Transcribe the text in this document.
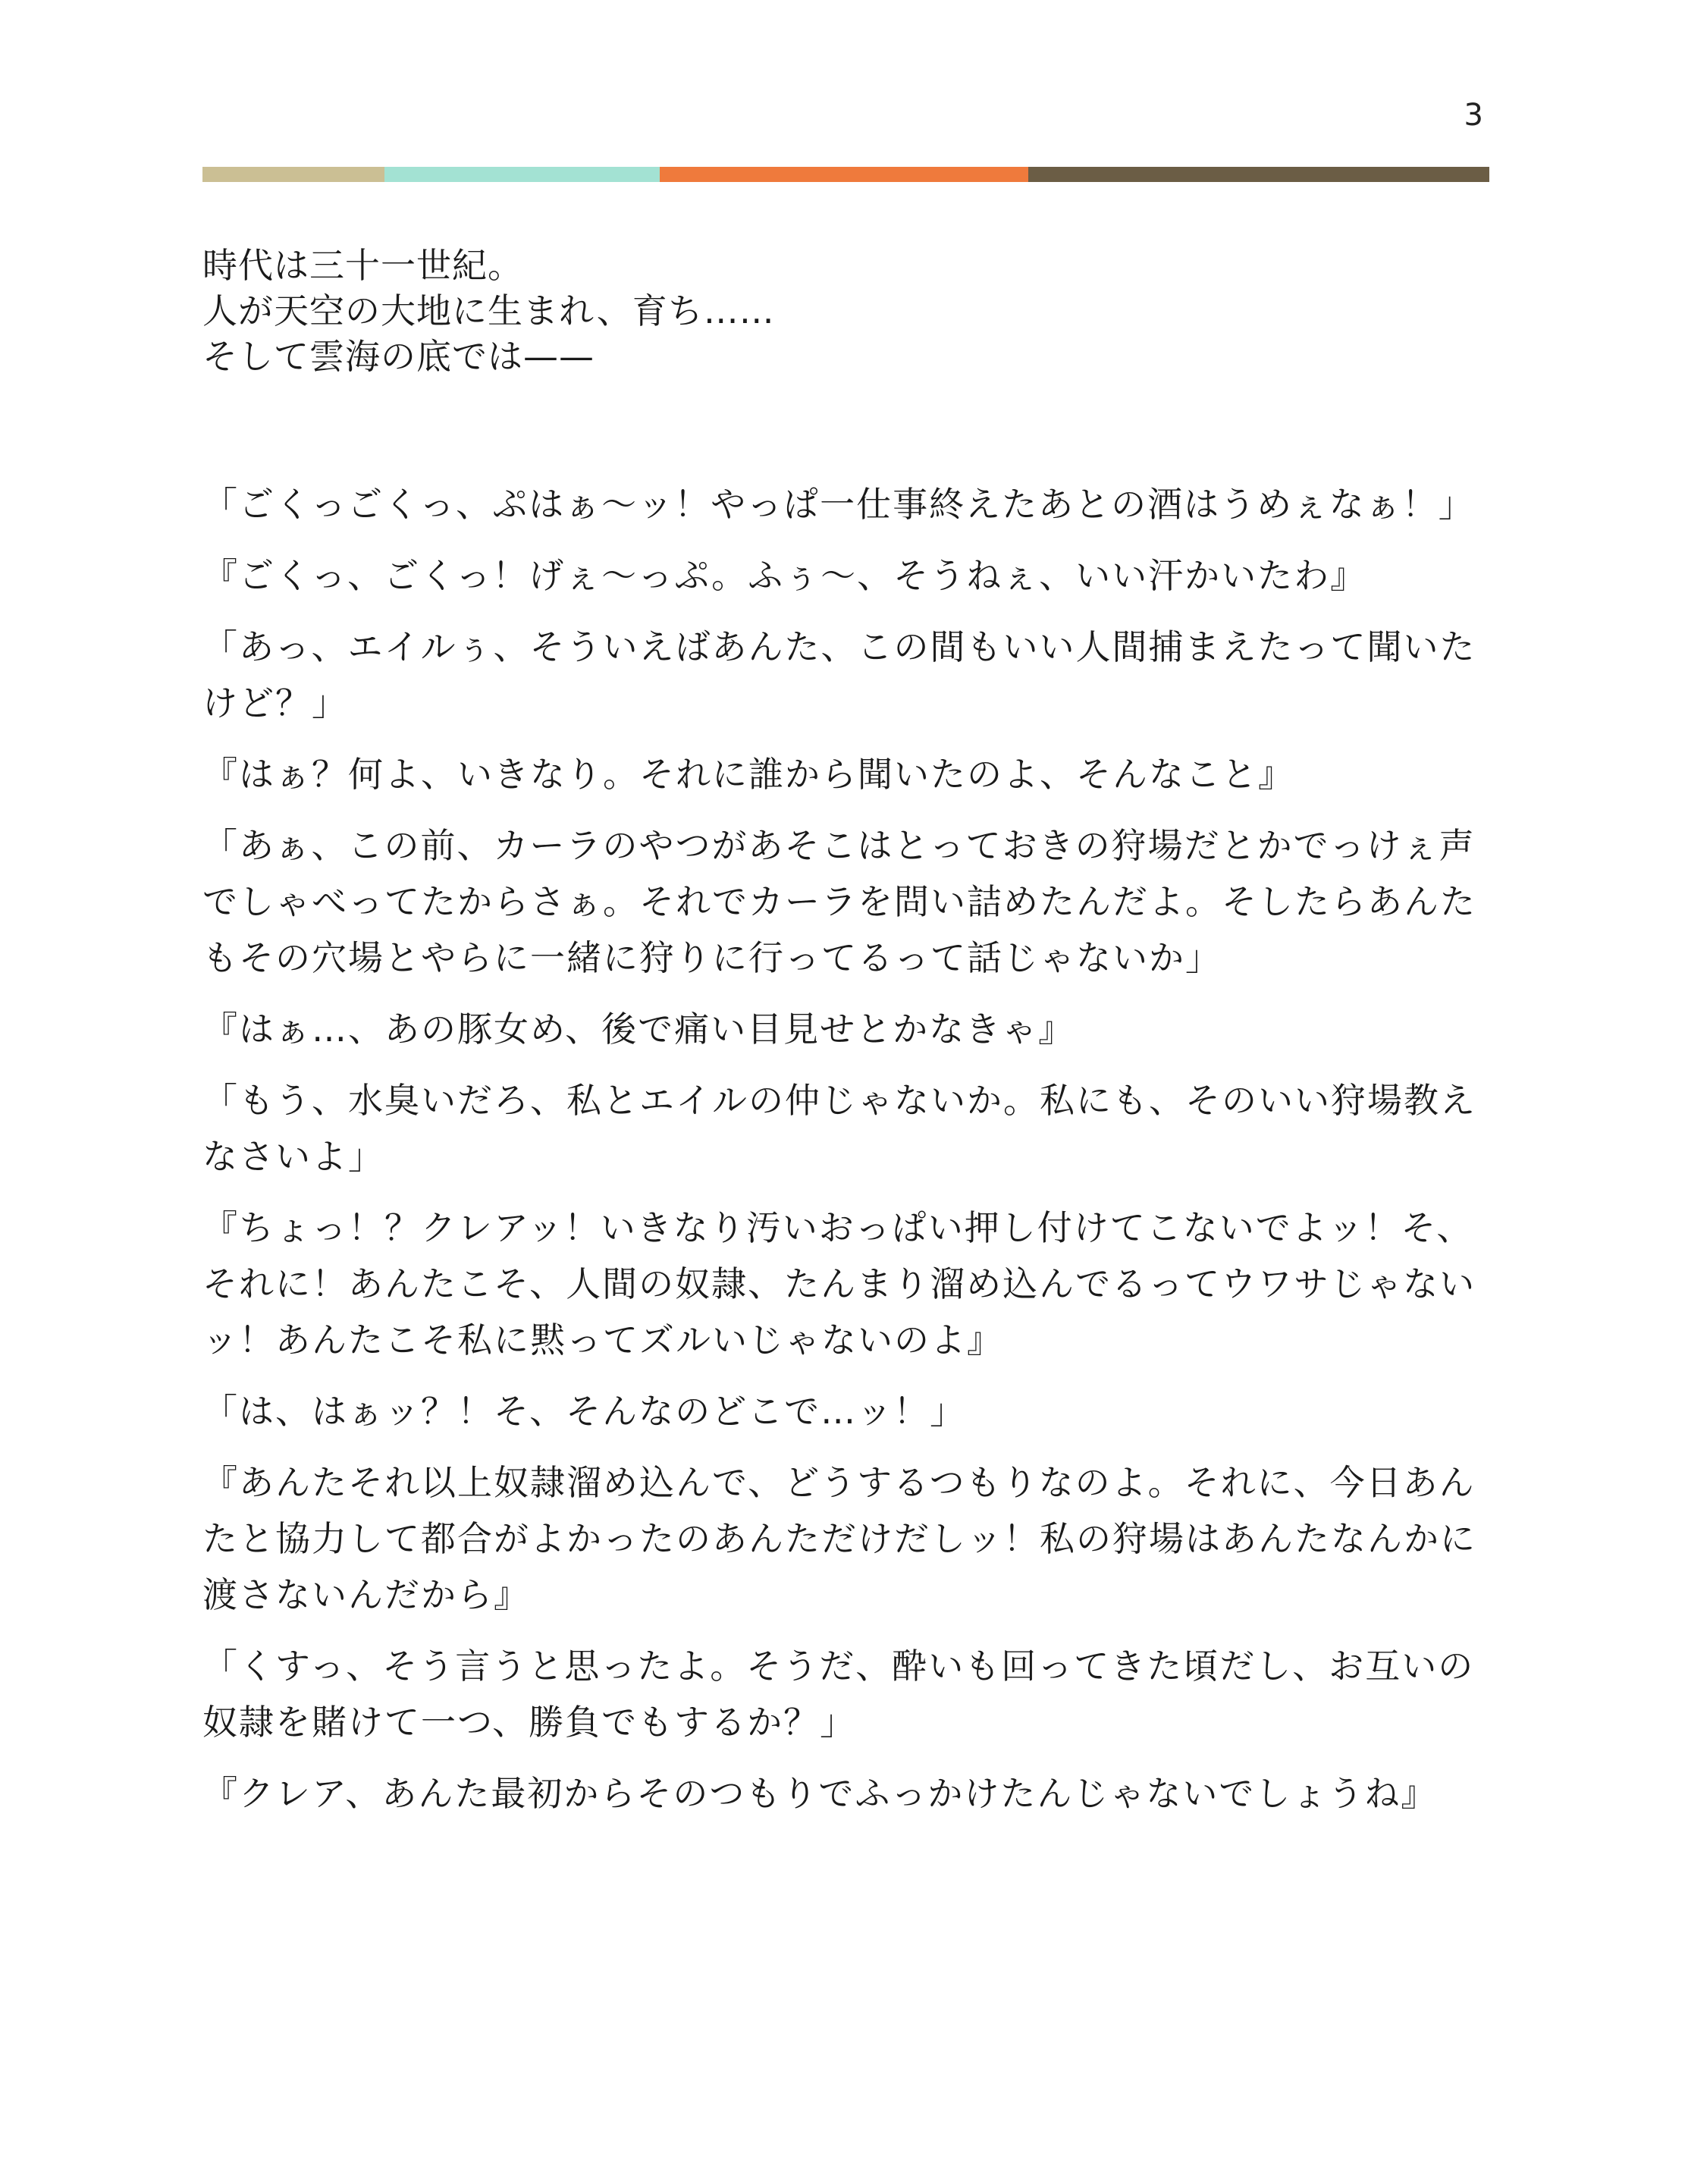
3

時代は三十一世紀。

人が天空の大地に生まれ、育ち……

そして雲海の底では——

「ごくっごくっ、ぷはぁ〜ッ！やっぱ一仕事終えたあとの酒はうめぇなぁ！」

『ごくっ、ごくっ！げぇ〜っぷ。ふぅ〜、そうねぇ、いい汗かいたわ』

「あっ、エイルぅ、そういえばあんた、この間もいい人間捕まえたって聞いたけど？」

『はぁ？何よ、いきなり。それに誰から聞いたのよ、そんなこと』

「あぁ、この前、カーラのやつがあそこはとっておきの狩場だとかでっけぇ声でしゃべってたからさぁ。それでカーラを問い詰めたんだよ。そしたらあんたもその穴場とやらに一緒に狩りに行ってるって話じゃないか」

『はぁ…、あの豚女め、後で痛い目見せとかなきゃ』

「もう、水臭いだろ、私とエイルの仲じゃないか。私にも、そのいい狩場教えなさいよ」

『ちょっ！？クレアッ！いきなり汚いおっぱい押し付けてこないでよッ！そ、それに！あんたこそ、人間の奴隷、たんまり溜め込んでるってウワサじゃないッ！あんたこそ私に黙ってズルいじゃないのよ』

「は、はぁッ？！そ、そんなのどこで…ッ！」

『あんたそれ以上奴隷溜め込んで、どうするつもりなのよ。それに、今日あんたと協力して都合がよかったのあんただけだしッ！私の狩場はあんたなんかに渡さないんだから』

「くすっ、そう言うと思ったよ。そうだ、酔いも回ってきた頃だし、お互いの奴隷を賭けて一つ、勝負でもするか？」

『クレア、あんた最初からそのつもりでふっかけたんじゃないでしょうね』
